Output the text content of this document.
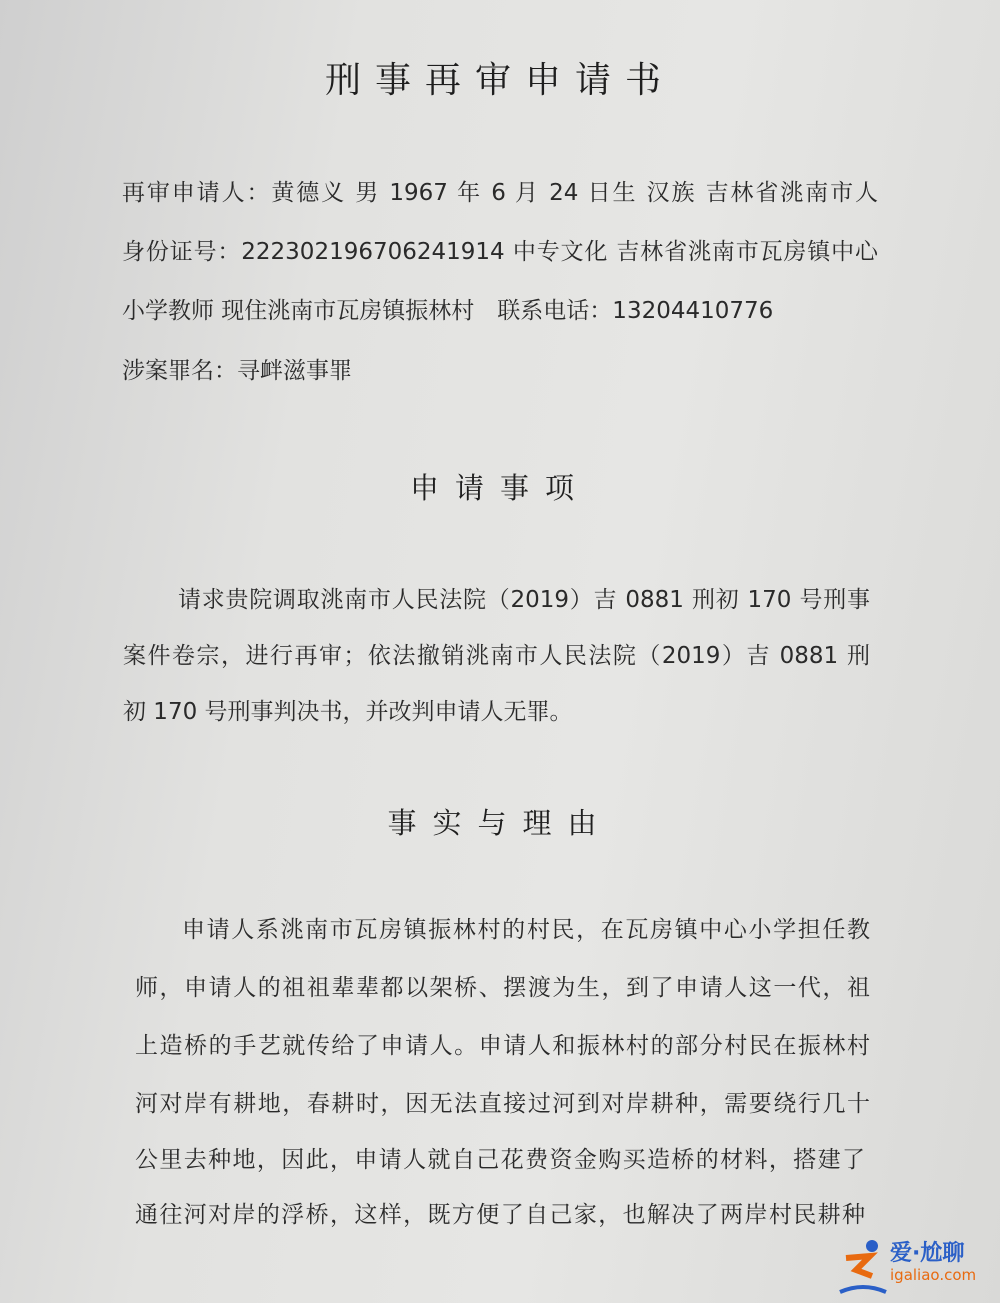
刑事再审申请书
再审申请人：黄德义 男 1967 年 6 月 24 日生 汉族 吉林省洮南市人
身份证号：222302196706241914 中专文化 吉林省洮南市瓦房镇中心
小学教师 现住洮南市瓦房镇振林村　联系电话：13204410776
涉案罪名：寻衅滋事罪
申请事项
请求贵院调取洮南市人民法院（2019）吉 0881 刑初 170 号刑事
案件卷宗，进行再审；依法撤销洮南市人民法院（2019）吉 0881 刑
初 170 号刑事判决书，并改判申请人无罪。
事实与理由
申请人系洮南市瓦房镇振林村的村民，在瓦房镇中心小学担任教
师，申请人的祖祖辈辈都以架桥、摆渡为生，到了申请人这一代，祖
上造桥的手艺就传给了申请人。申请人和振林村的部分村民在振林村
河对岸有耕地，春耕时，因无法直接过河到对岸耕种，需要绕行几十
公里去种地，因此，申请人就自己花费资金购买造桥的材料，搭建了
通往河对岸的浮桥，这样，既方便了自己家，也解决了两岸村民耕种
爱·尬聊
igaliao.com
